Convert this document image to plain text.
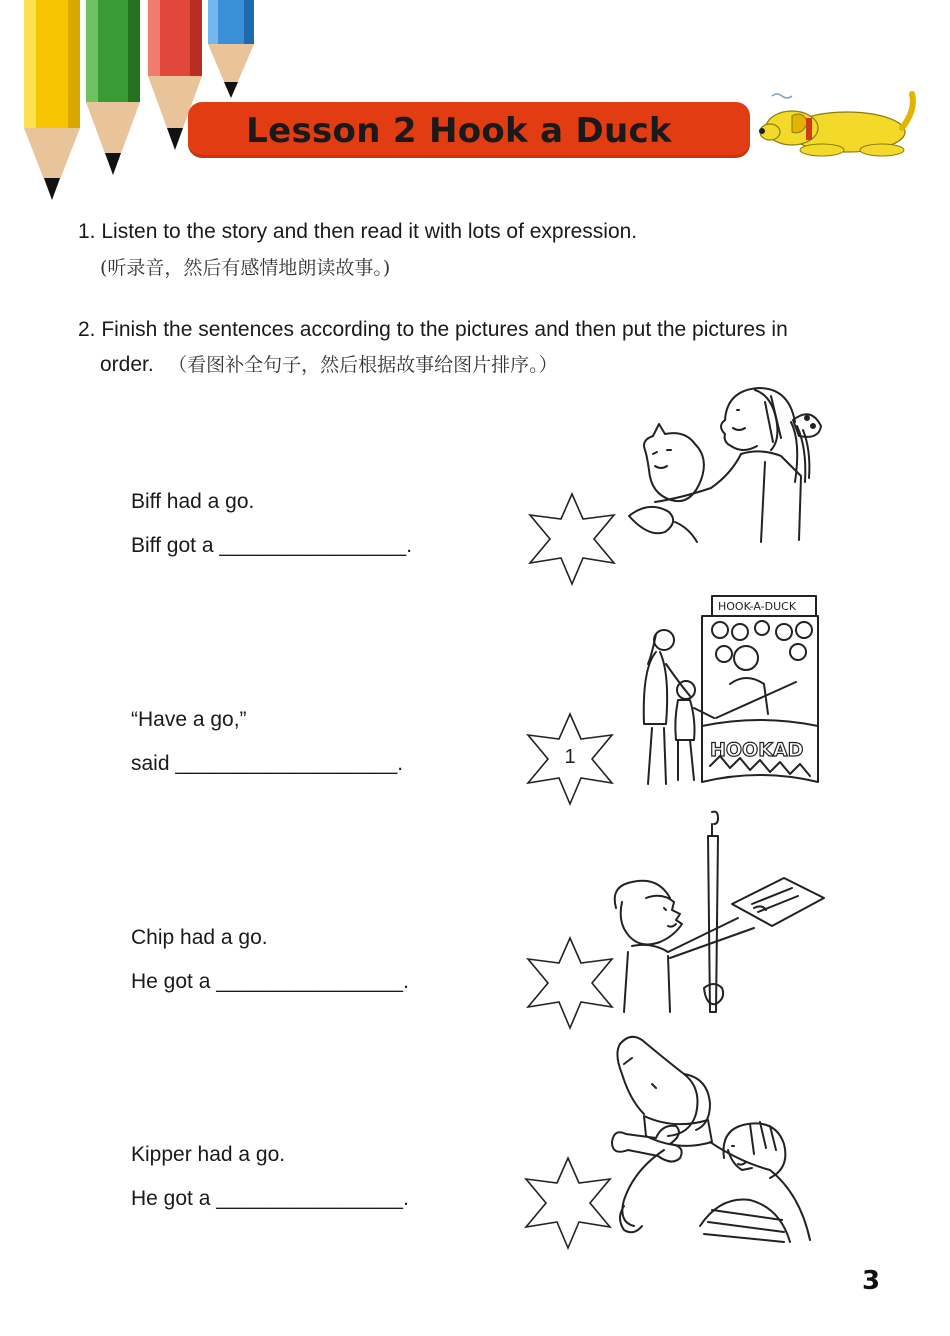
Lesson 2 Hook a Duck
1. Listen to the story and then read it with lots of expression.
(听录音，然后有感情地朗读故事。)
2. Finish the sentences according to the pictures and then put the pictures in
order. （看图补全句子，然后根据故事给图片排序。）
Biff had a go.
Biff got a ________________.
“Have a go,”
said ___________________.	1
HOOK-A-DUCK
HOOKAD
Chip had a go.
He got a ________________.
Kipper had a go.
He got a ________________.
3
